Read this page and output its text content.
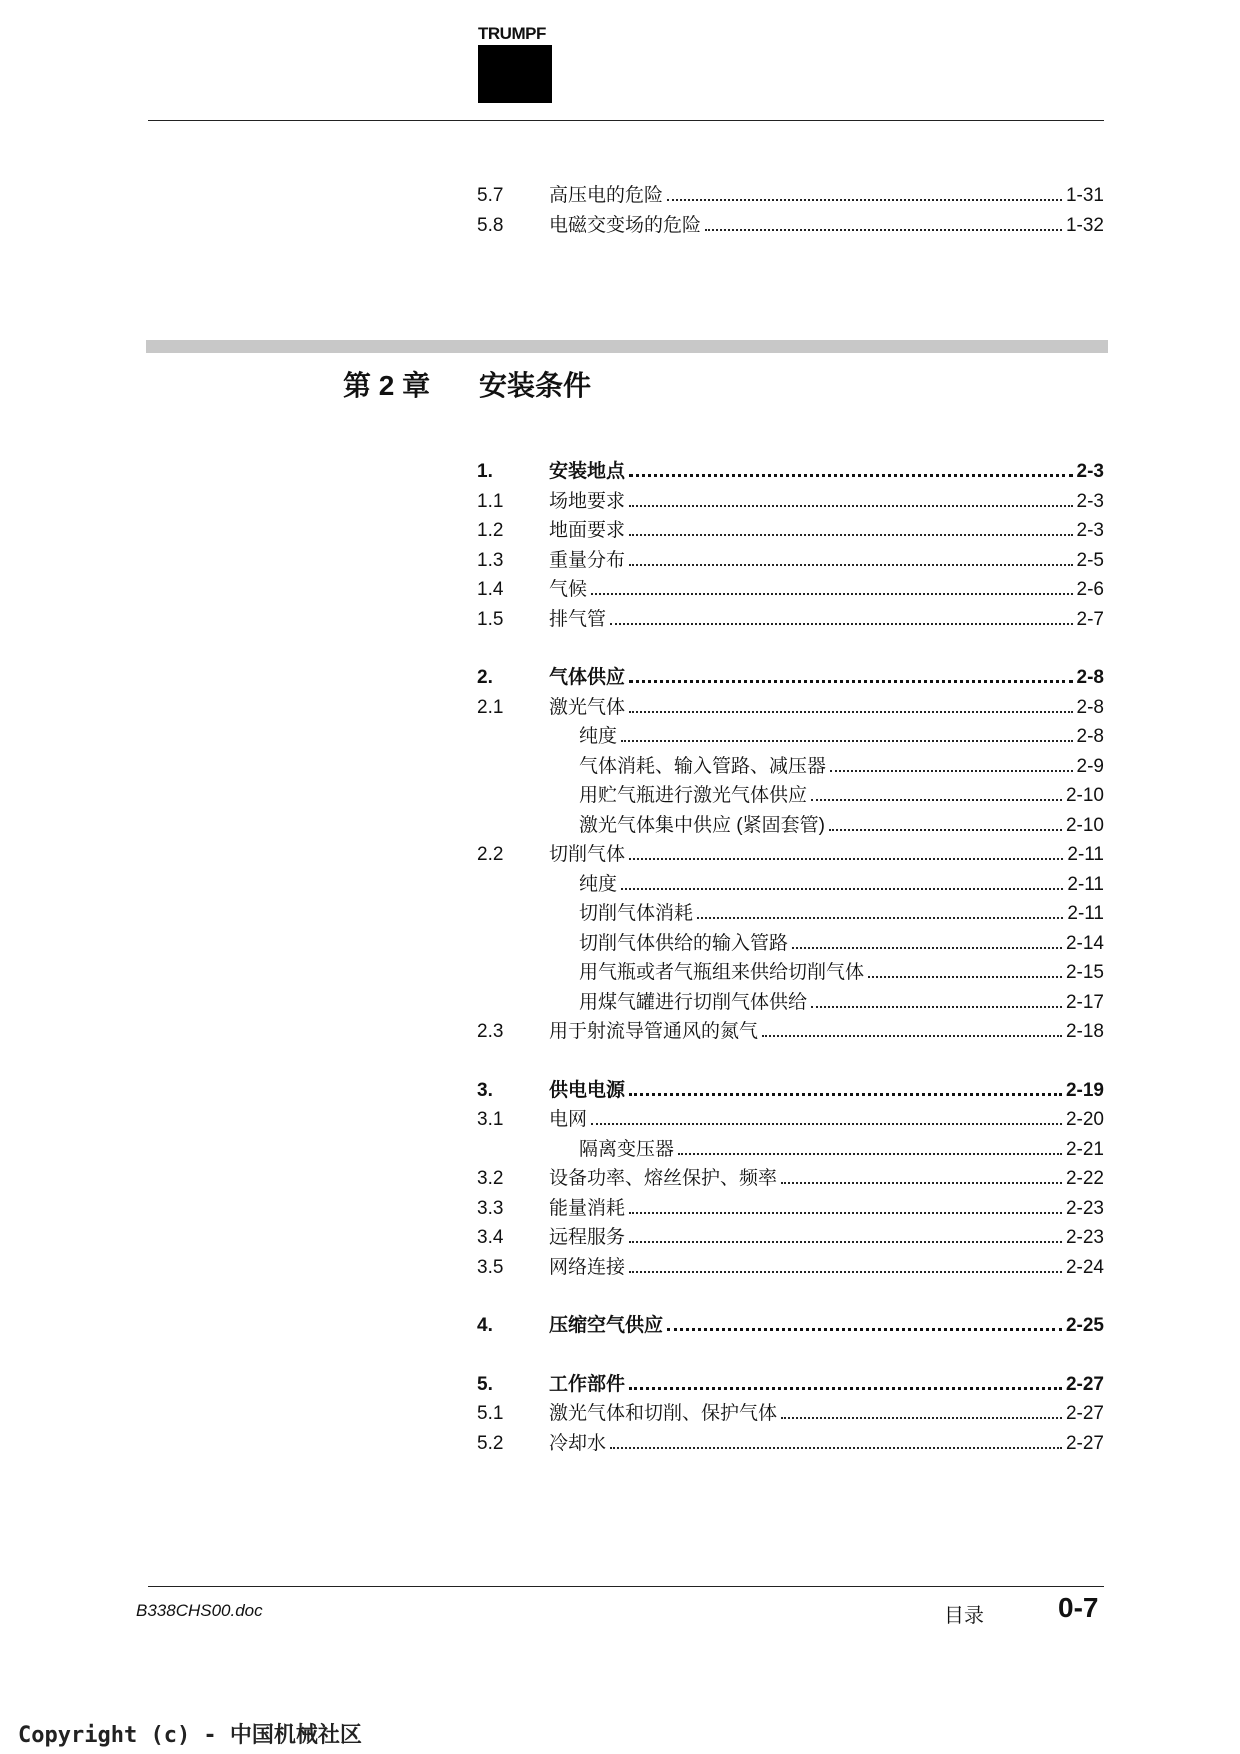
TRUMPF
5.7	高压电的危险	1-31
5.8	电磁交变场的危险	1-32
第 2 章 安装条件
1.	安装地点	2-3
1.1	场地要求	2-3
1.2	地面要求	2-3
1.3	重量分布	2-5
1.4	气候	2-6
1.5	排气管	2-7
2.	气体供应	2-8
2.1	激光气体	2-8
纯度	2-8
气体消耗、输入管路、减压器	2-9
用贮气瓶进行激光气体供应	2-10
激光气体集中供应 (紧固套管)	2-10
2.2	切削气体	2-11
纯度	2-11
切削气体消耗	2-11
切削气体供给的输入管路	2-14
用气瓶或者气瓶组来供给切削气体	2-15
用煤气罐进行切削气体供给	2-17
2.3	用于射流导管通风的氮气	2-18
3.	供电电源	2-19
3.1	电网	2-20
隔离变压器	2-21
3.2	设备功率、熔丝保护、频率	2-22
3.3	能量消耗	2-23
3.4	远程服务	2-23
3.5	网络连接	2-24
4.	压缩空气供应	2-25
5.	工作部件	2-27
5.1	激光气体和切削、保护气体	2-27
5.2	冷却水	2-27
B338CHS00.doc	目录	0-7
Copyright (c) - 中国机械社区
